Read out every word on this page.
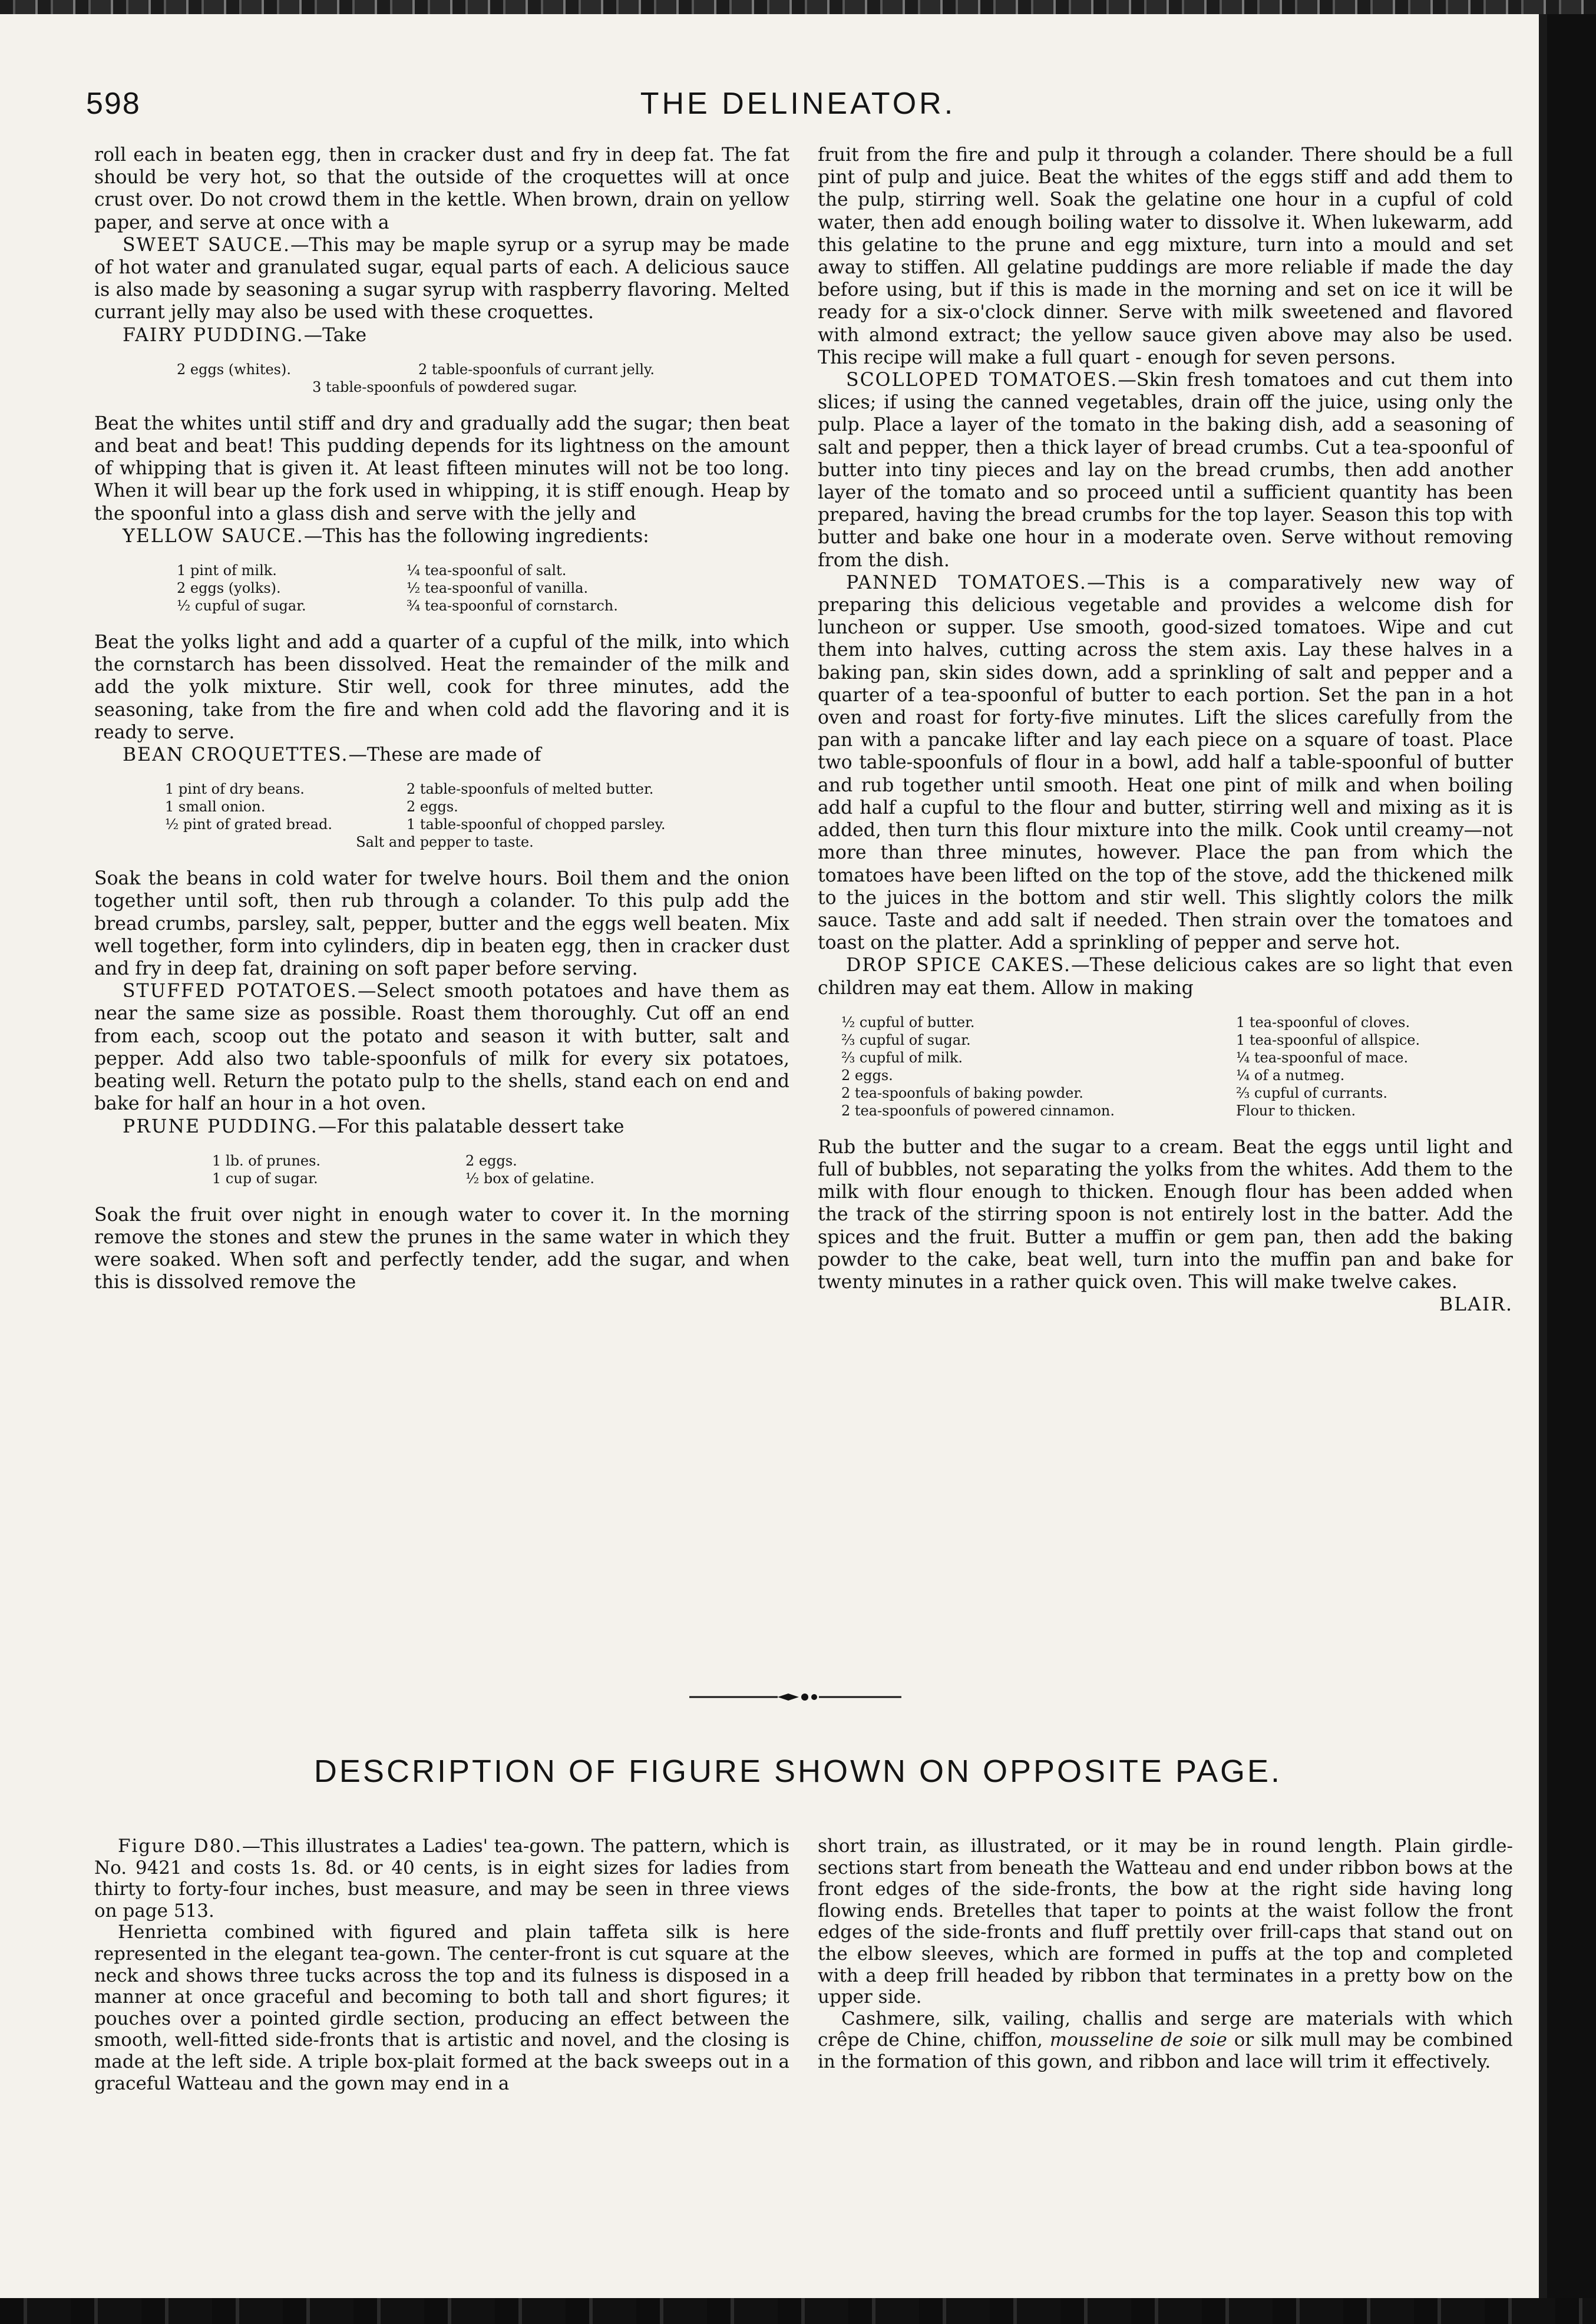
598	THE DELINEATOR.

roll each in beaten egg, then in cracker dust and fry in deep fat. The fat should be very hot, so that the outside of the croquettes will at once crust over. Do not crowd them in the kettle. When brown, drain on yellow paper, and serve at once with a

SWEET SAUCE.—This may be maple syrup or a syrup may be made of hot water and granulated sugar, equal parts of each. A delicious sauce is also made by seasoning a sugar syrup with raspberry flavoring. Melted currant jelly may also be used with these croquettes.

FAIRY PUDDING.—Take

2 eggs (whites).	2 table-spoonfuls of currant jelly.
3 table-spoonfuls of powdered sugar.

Beat the whites until stiff and dry and gradually add the sugar; then beat and beat and beat! This pudding depends for its lightness on the amount of whipping that is given it. At least fifteen minutes will not be too long. When it will bear up the fork used in whipping, it is stiff enough. Heap by the spoonful into a glass dish and serve with the jelly and

YELLOW SAUCE.—This has the following ingredients:

1 pint of milk.	¼ tea-spoonful of salt.
2 eggs (yolks).	½ tea-spoonful of vanilla.
½ cupful of sugar.	¾ tea-spoonful of cornstarch.

Beat the yolks light and add a quarter of a cupful of the milk, into which the cornstarch has been dissolved. Heat the remainder of the milk and add the yolk mixture. Stir well, cook for three minutes, add the seasoning, take from the fire and when cold add the flavoring and it is ready to serve.

BEAN CROQUETTES.—These are made of

1 pint of dry beans.	2 table-spoonfuls of melted butter.
1 small onion.	2 eggs.
½ pint of grated bread.	1 table-spoonful of chopped parsley.
Salt and pepper to taste.

Soak the beans in cold water for twelve hours. Boil them and the onion together until soft, then rub through a colander. To this pulp add the bread crumbs, parsley, salt, pepper, butter and the eggs well beaten. Mix well together, form into cylinders, dip in beaten egg, then in cracker dust and fry in deep fat, draining on soft paper before serving.

STUFFED POTATOES.—Select smooth potatoes and have them as near the same size as possible. Roast them thoroughly. Cut off an end from each, scoop out the potato and season it with butter, salt and pepper. Add also two table-spoonfuls of milk for every six potatoes, beating well. Return the potato pulp to the shells, stand each on end and bake for half an hour in a hot oven.

PRUNE PUDDING.—For this palatable dessert take

1 lb. of prunes.	2 eggs.
1 cup of sugar.	½ box of gelatine.

Soak the fruit over night in enough water to cover it. In the morning remove the stones and stew the prunes in the same water in which they were soaked. When soft and perfectly tender, add the sugar, and when this is dissolved remove the

fruit from the fire and pulp it through a colander. There should be a full pint of pulp and juice. Beat the whites of the eggs stiff and add them to the pulp, stirring well. Soak the gelatine one hour in a cupful of cold water, then add enough boiling water to dissolve it. When lukewarm, add this gelatine to the prune and egg mixture, turn into a mould and set away to stiffen. All gelatine puddings are more reliable if made the day before using, but if this is made in the morning and set on ice it will be ready for a six-o'clock dinner. Serve with milk sweetened and flavored with almond extract; the yellow sauce given above may also be used. This recipe will make a full quart - enough for seven persons.

SCOLLOPED TOMATOES.—Skin fresh tomatoes and cut them into slices; if using the canned vegetables, drain off the juice, using only the pulp. Place a layer of the tomato in the baking dish, add a seasoning of salt and pepper, then a thick layer of bread crumbs. Cut a tea-spoonful of butter into tiny pieces and lay on the bread crumbs, then add another layer of the tomato and so proceed until a sufficient quantity has been prepared, having the bread crumbs for the top layer. Season this top with butter and bake one hour in a moderate oven. Serve without removing from the dish.

PANNED TOMATOES.—This is a comparatively new way of preparing this delicious vegetable and provides a welcome dish for luncheon or supper. Use smooth, good-sized tomatoes. Wipe and cut them into halves, cutting across the stem axis. Lay these halves in a baking pan, skin sides down, add a sprinkling of salt and pepper and a quarter of a tea-spoonful of butter to each portion. Set the pan in a hot oven and roast for forty-five minutes. Lift the slices carefully from the pan with a pancake lifter and lay each piece on a square of toast. Place two table-spoonfuls of flour in a bowl, add half a table-spoonful of butter and rub together until smooth. Heat one pint of milk and when boiling add half a cupful to the flour and butter, stirring well and mixing as it is added, then turn this flour mixture into the milk. Cook until creamy—not more than three minutes, however. Place the pan from which the tomatoes have been lifted on the top of the stove, add the thickened milk to the juices in the bottom and stir well. This slightly colors the milk sauce. Taste and add salt if needed. Then strain over the tomatoes and toast on the platter. Add a sprinkling of pepper and serve hot.

DROP SPICE CAKES.—These delicious cakes are so light that even children may eat them. Allow in making

½ cupful of butter.	1 tea-spoonful of cloves.
⅔ cupful of sugar.	1 tea-spoonful of allspice.
⅔ cupful of milk.	¼ tea-spoonful of mace.
2 eggs.	¼ of a nutmeg.
2 tea-spoonfuls of baking powder.	⅔ cupful of currants.
2 tea-spoonfuls of powered cinnamon.	Flour to thicken.

Rub the butter and the sugar to a cream. Beat the eggs until light and full of bubbles, not separating the yolks from the whites. Add them to the milk with flour enough to thicken. Enough flour has been added when the track of the stirring spoon is not entirely lost in the batter. Add the spices and the fruit. Butter a muffin or gem pan, then add the baking powder to the cake, beat well, turn into the muffin pan and bake for twenty minutes in a rather quick oven. This will make twelve cakes.

BLAIR.

DESCRIPTION OF FIGURE SHOWN ON OPPOSITE PAGE.

Figure D80.—This illustrates a Ladies' tea-gown. The pattern, which is No. 9421 and costs 1s. 8d. or 40 cents, is in eight sizes for ladies from thirty to forty-four inches, bust measure, and may be seen in three views on page 513.

Henrietta combined with figured and plain taffeta silk is here represented in the elegant tea-gown. The center-front is cut square at the neck and shows three tucks across the top and its fulness is disposed in a manner at once graceful and becoming to both tall and short figures; it pouches over a pointed girdle section, producing an effect between the smooth, well-fitted side-fronts that is artistic and novel, and the closing is made at the left side. A triple box-plait formed at the back sweeps out in a graceful Watteau and the gown may end in a

short train, as illustrated, or it may be in round length. Plain girdle-sections start from beneath the Watteau and end under ribbon bows at the front edges of the side-fronts, the bow at the right side having long flowing ends. Bretelles that taper to points at the waist follow the front edges of the side-fronts and fluff prettily over frill-caps that stand out on the elbow sleeves, which are formed in puffs at the top and completed with a deep frill headed by ribbon that terminates in a pretty bow on the upper side.

Cashmere, silk, vailing, challis and serge are materials with which crêpe de Chine, chiffon, mousseline de soie or silk mull may be combined in the formation of this gown, and ribbon and lace will trim it effectively.
